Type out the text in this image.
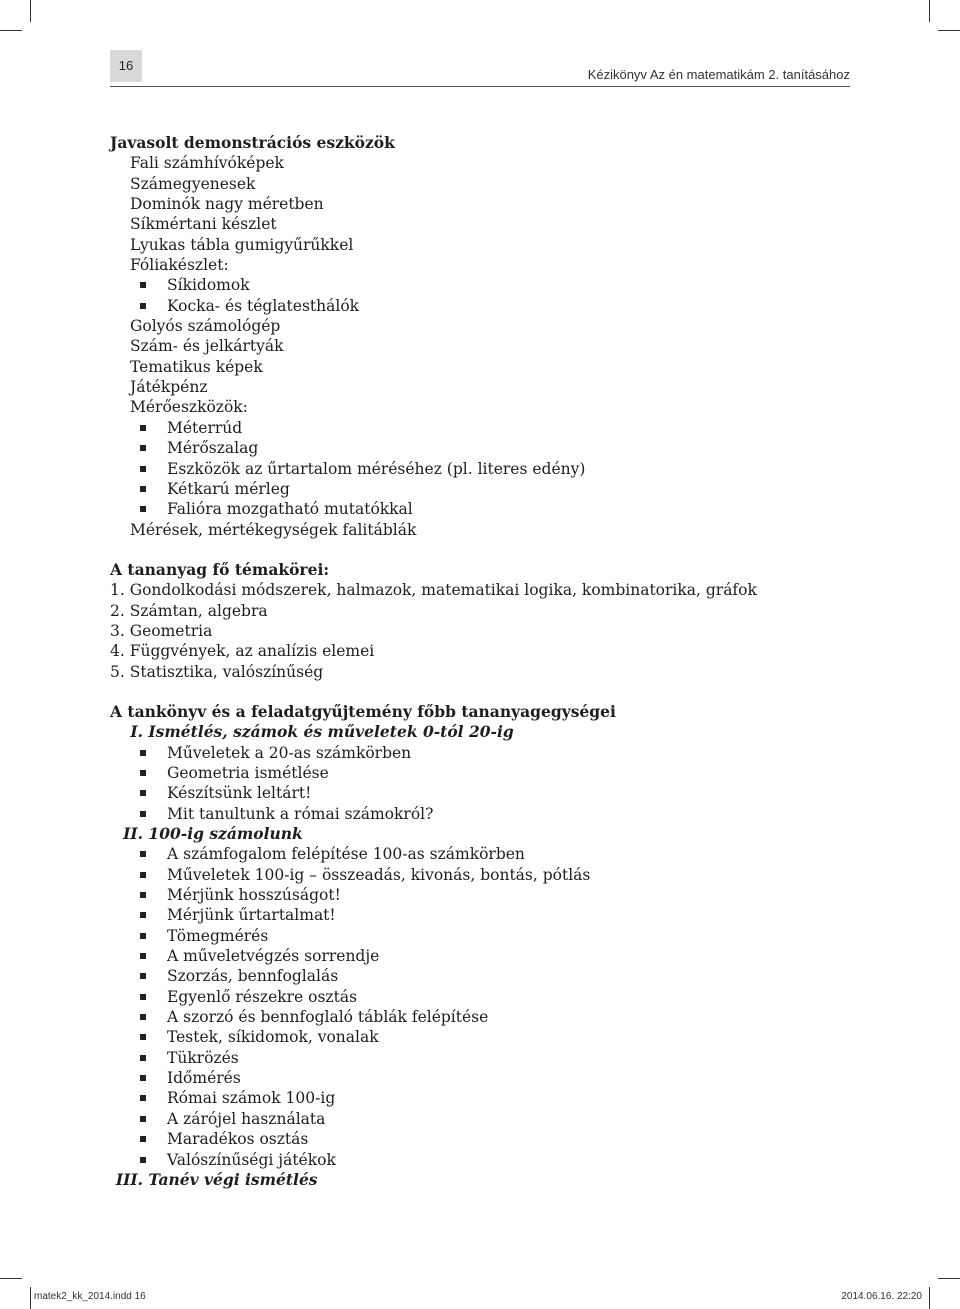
16
Kézikönyv Az én matematikám 2. tanításához
Javasolt demonstrációs eszközök
Fali számhívóképek
Számegyenesek
Dominók nagy méretben
Síkmértani készlet
Lyukas tábla gumigyűrűkkel
Fóliakészlet:
Síkidomok
Kocka- és téglatesthálók
Golyós számológép
Szám- és jelkártyák
Tematikus képek
Játékpénz
Mérőeszközök:
Méterrúd
Mérőszalag
Eszközök az űrtartalom méréséhez (pl. literes edény)
Kétkarú mérleg
Falióra mozgatható mutatókkal
Mérések, mértékegységek falitáblák
A tananyag fő témakörei:
1. Gondolkodási módszerek, halmazok, matematikai logika, kombinatorika, gráfok
2. Számtan, algebra
3. Geometria
4. Függvények, az analízis elemei
5. Statisztika, valószínűség
A tankönyv és a feladatgyűjtemény főbb tananyagegységei
I. Ismétlés, számok és műveletek 0-tól 20-ig
Műveletek a 20-as számkörben
Geometria ismétlése
Készítsünk leltárt!
Mit tanultunk a római számokról?
II. 100-ig számolunk
A számfogalom felépítése 100-as számkörben
Műveletek 100-ig – összeadás, kivonás, bontás, pótlás
Mérjünk hosszúságot!
Mérjünk űrtartalmat!
Tömegmérés
A műveletvégzés sorrendje
Szorzás, bennfoglalás
Egyenlő részekre osztás
A szorzó és bennfoglaló táblák felépítése
Testek, síkidomok, vonalak
Tükrözés
Időmérés
Római számok 100-ig
A zárójel használata
Maradékos osztás
Valószínűségi játékok
III. Tanév végi ismétlés
matek2_kk_2014.indd 16	2014.06.16. 22:20
